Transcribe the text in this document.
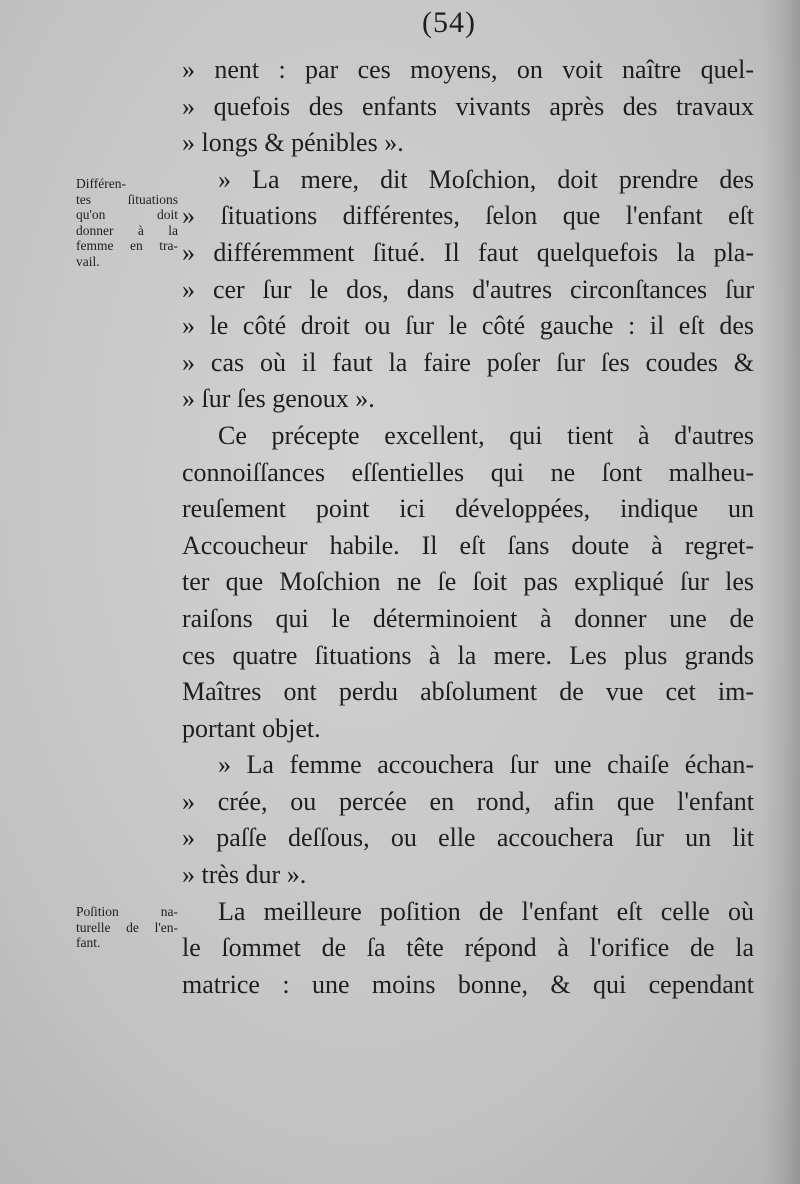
(54)
Différen-
tes ſituations
qu'on doit
donner à la
femme en tra-
vail.
Poſition na-
turelle de l'en-
fant.
» nent : par ces moyens, on voit naître quel-
» quefois des enfants vivants après des travaux
» longs & pénibles ».
» La mere, dit Moſchion, doit prendre des
» ſituations différentes, ſelon que l'enfant eſt
» différemment ſitué. Il faut quelquefois la pla-
» cer ſur le dos, dans d'autres circonſtances ſur
» le côté droit ou ſur le côté gauche : il eſt des
» cas où il faut la faire poſer ſur ſes coudes &
» ſur ſes genoux ».
Ce précepte excellent, qui tient à d'autres
connoiſſances eſſentielles qui ne ſont malheu-
reuſement point ici développées, indique un
Accoucheur habile. Il eſt ſans doute à regret-
ter que Moſchion ne ſe ſoit pas expliqué ſur les
raiſons qui le déterminoient à donner une de
ces quatre ſituations à la mere. Les plus grands
Maîtres ont perdu abſolument de vue cet im-
portant objet.
» La femme accouchera ſur une chaiſe échan-
» crée, ou percée en rond, afin que l'enfant
» paſſe deſſous, ou elle accouchera ſur un lit
» très dur ».
La meilleure poſition de l'enfant eſt celle où
le ſommet de ſa tête répond à l'orifice de la
matrice : une moins bonne, & qui cependant
